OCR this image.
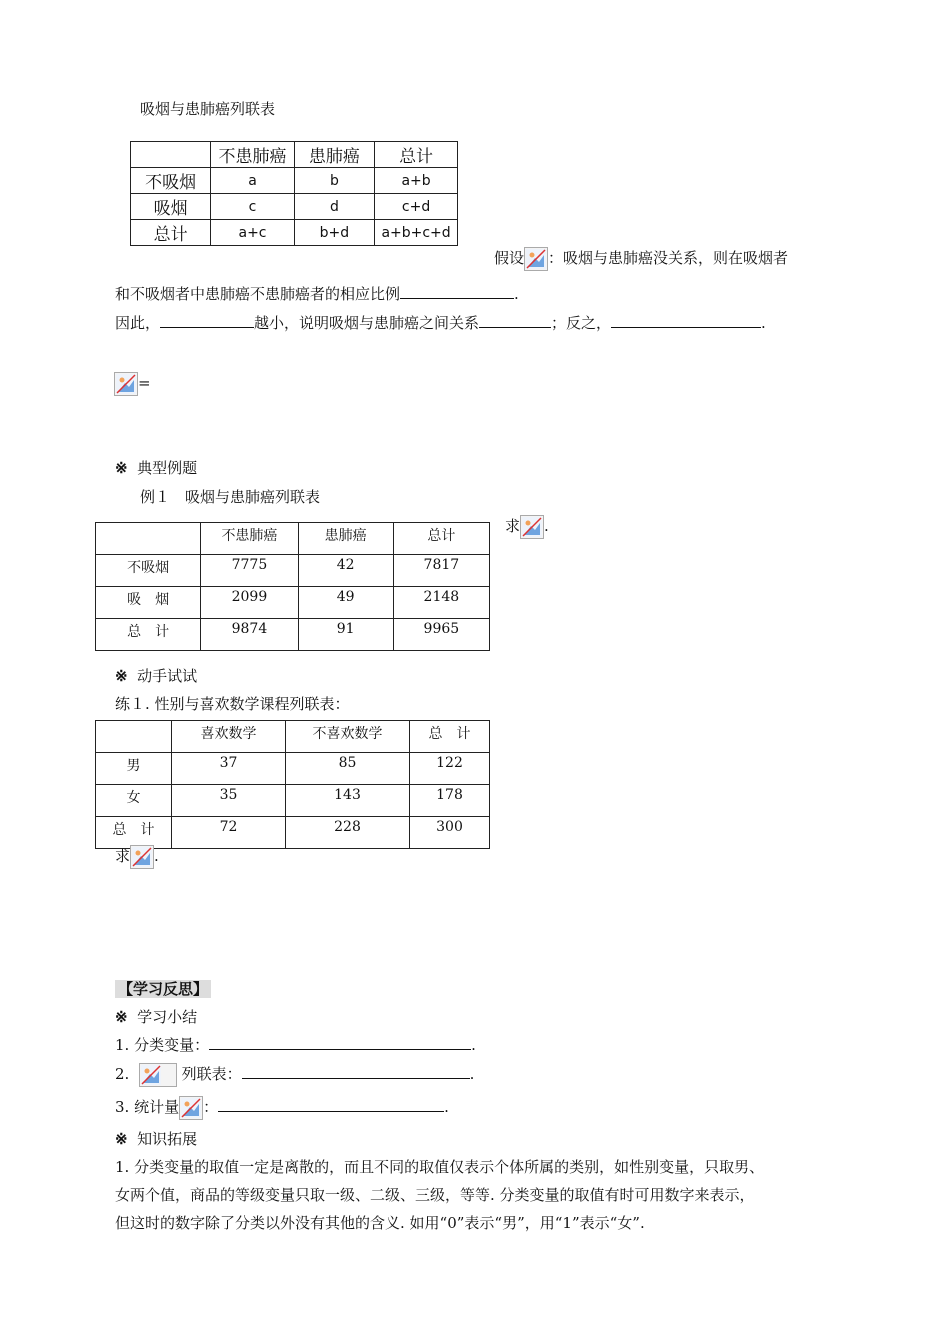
吸烟与患肺癌列联表
	不患肺癌	患肺癌	总计
不吸烟	a	b	a+b
吸烟	c	d	c+d
总计	a+c	b+d	a+b+c+d
假设 ：吸烟与患肺癌没关系，则在吸烟者
和不吸烟者中患肺癌不患肺癌者的相应比例	.
因此，	越小，说明吸烟与患肺癌之间关系	；反之，	.
=
※ 典型例题
例１　吸烟与患肺癌列联表
	不患肺癌	患肺癌	总计
不吸烟	7775	42	7817
吸　烟	2099	49	2148
总　计	9874	91	9965
求 .
※ 动手试试
练１. 性别与喜欢数学课程列联表：
	喜欢数学	不喜欢数学	总　计
男	37	85	122
女	35	143	178
总　计	72	228	300
求 .
【学习反思】
※ 学习小结
1. 分类变量：	.
2.	列联表：	.
3. 统计量 ：	.
※ 知识拓展
1. 分类变量的取值一定是离散的，而且不同的取值仅表示个体所属的类别，如性别变量，只取男、
女两个值，商品的等级变量只取一级、二级、三级，等等. 分类变量的取值有时可用数字来表示，
但这时的数字除了分类以外没有其他的含义. 如用“0”表示“男”，用“1”表示“女”.
